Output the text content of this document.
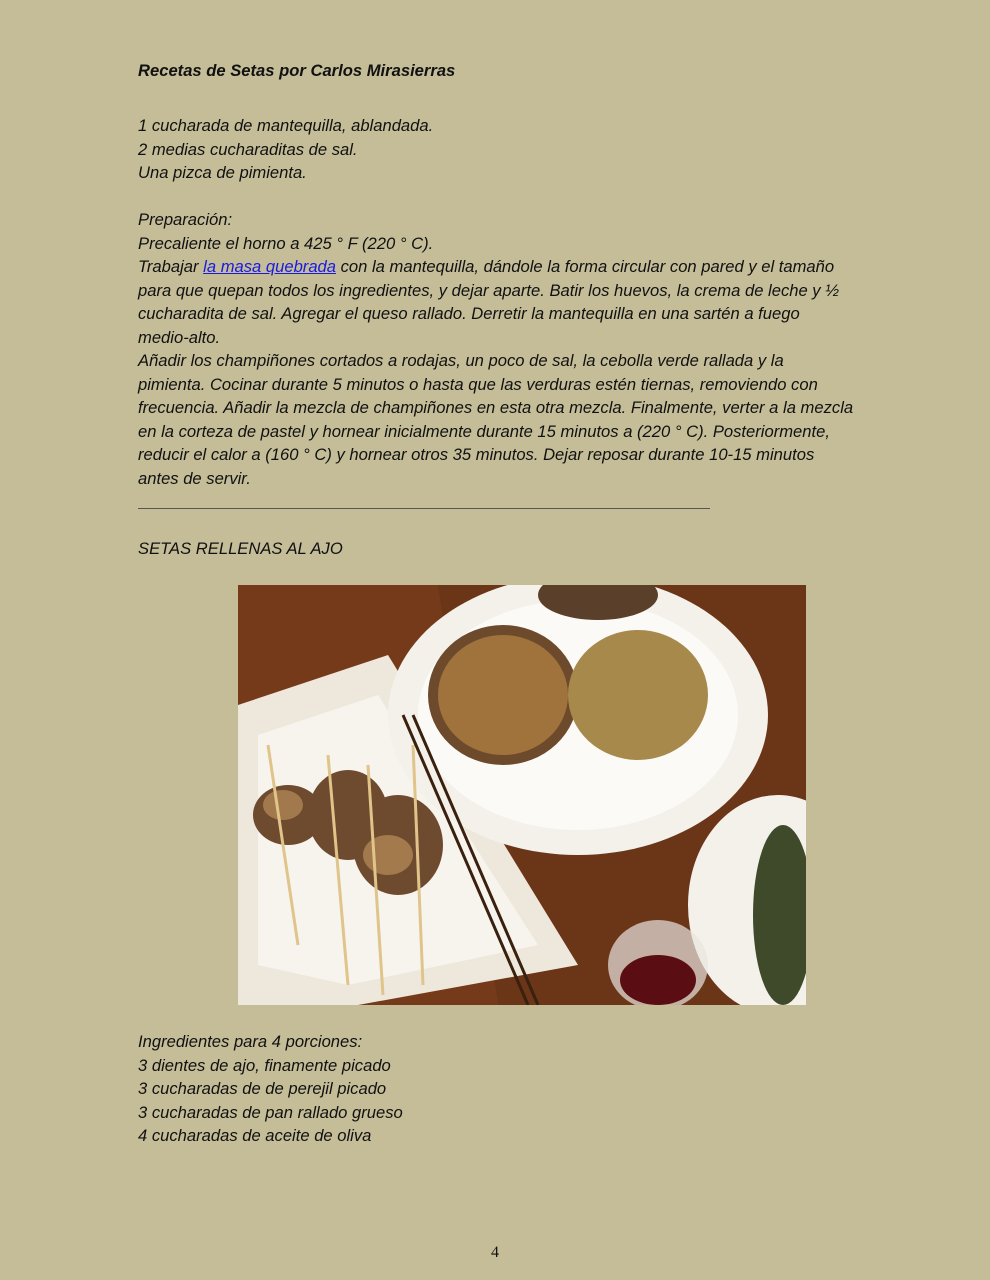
Recetas de Setas por Carlos Mirasierras
1 cucharada de mantequilla, ablandada.
2 medias cucharaditas de sal.
Una pizca de pimienta.
Preparación:
Precaliente el horno a 425 ° F (220 ° C).
Trabajar la masa quebrada con la mantequilla, dándole la forma circular con pared y el tamaño
para que quepan todos los ingredientes, y dejar aparte. Batir los huevos, la crema de leche y ½
cucharadita de sal. Agregar el queso rallado. Derretir la mantequilla en una sartén a fuego
medio-alto.
Añadir los champiñones cortados a rodajas, un poco de sal, la cebolla verde rallada y la
pimienta. Cocinar durante 5 minutos o hasta que las verduras estén tiernas, removiendo con
frecuencia. Añadir la mezcla de champiñones en esta otra mezcla. Finalmente, verter a la mezcla
en la corteza de pastel y hornear inicialmente durante 15 minutos a (220 ° C). Posteriormente,
reducir el calor a (160 ° C) y hornear otros 35 minutos. Dejar reposar durante 10-15 minutos
antes de servir.
SETAS RELLENAS AL AJO
Ingredientes para 4 porciones:
3 dientes de ajo, finamente picado
3 cucharadas de de perejil picado
3 cucharadas de pan rallado grueso
4 cucharadas de aceite de oliva
4
